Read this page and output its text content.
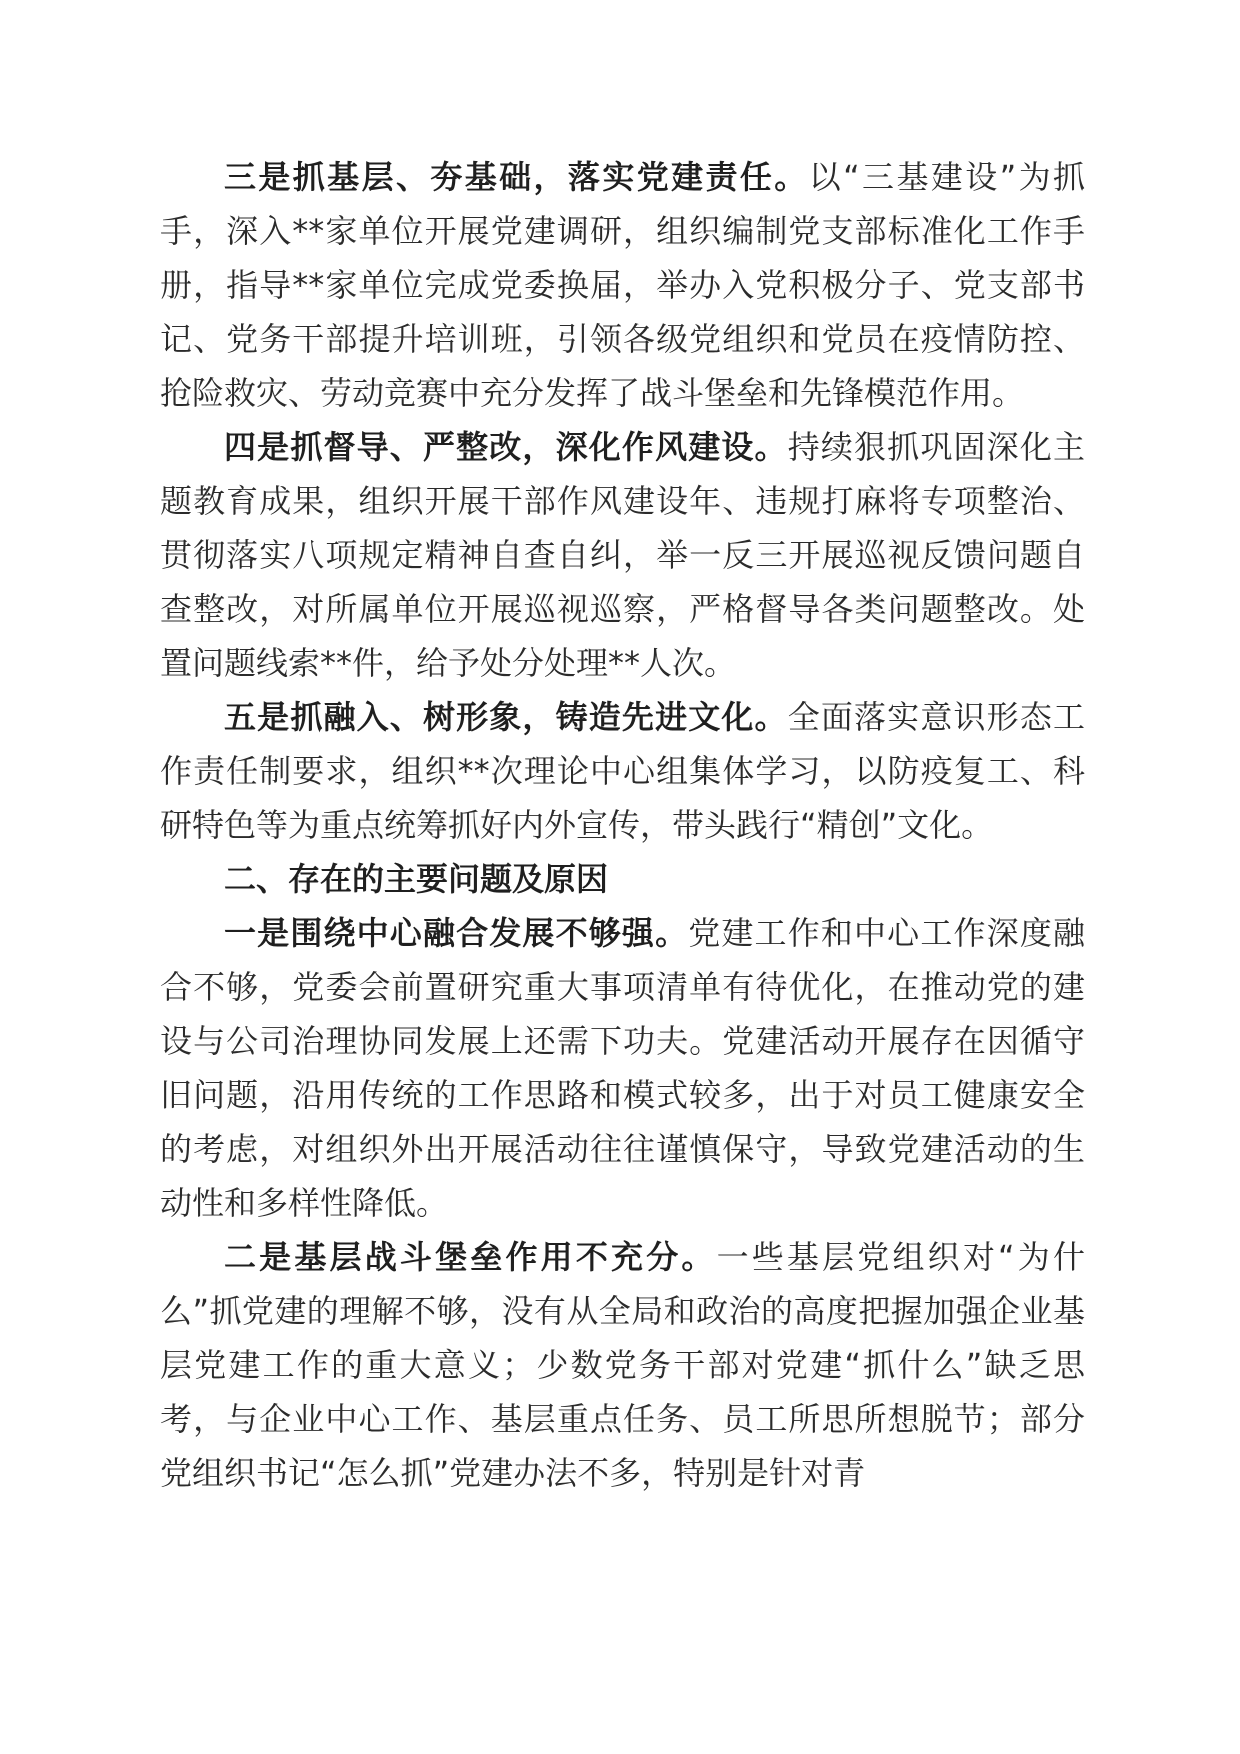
三是抓基层、夯基础，落实党建责任。以“三基建设”为抓手，深入**家单位开展党建调研，组织编制党支部标准化工作手册，指导**家单位完成党委换届，举办入党积极分子、党支部书记、党务干部提升培训班，引领各级党组织和党员在疫情防控、抢险救灾、劳动竞赛中充分发挥了战斗堡垒和先锋模范作用。

四是抓督导、严整改，深化作风建设。持续狠抓巩固深化主题教育成果，组织开展干部作风建设年、违规打麻将专项整治、贯彻落实八项规定精神自查自纠，举一反三开展巡视反馈问题自查整改，对所属单位开展巡视巡察，严格督导各类问题整改。处置问题线索**件，给予处分处理**人次。

五是抓融入、树形象，铸造先进文化。全面落实意识形态工作责任制要求，组织**次理论中心组集体学习，以防疫复工、科研特色等为重点统筹抓好内外宣传，带头践行“精创”文化。

二、存在的主要问题及原因

一是围绕中心融合发展不够强。党建工作和中心工作深度融合不够，党委会前置研究重大事项清单有待优化，在推动党的建设与公司治理协同发展上还需下功夫。党建活动开展存在因循守旧问题，沿用传统的工作思路和模式较多，出于对员工健康安全的考虑，对组织外出开展活动往往谨慎保守，导致党建活动的生动性和多样性降低。

二是基层战斗堡垒作用不充分。一些基层党组织对“为什么”抓党建的理解不够，没有从全局和政治的高度把握加强企业基层党建工作的重大意义；少数党务干部对党建“抓什么”缺乏思考，与企业中心工作、基层重点任务、员工所思所想脱节；部分党组织书记“怎么抓”党建办法不多，特别是针对青
